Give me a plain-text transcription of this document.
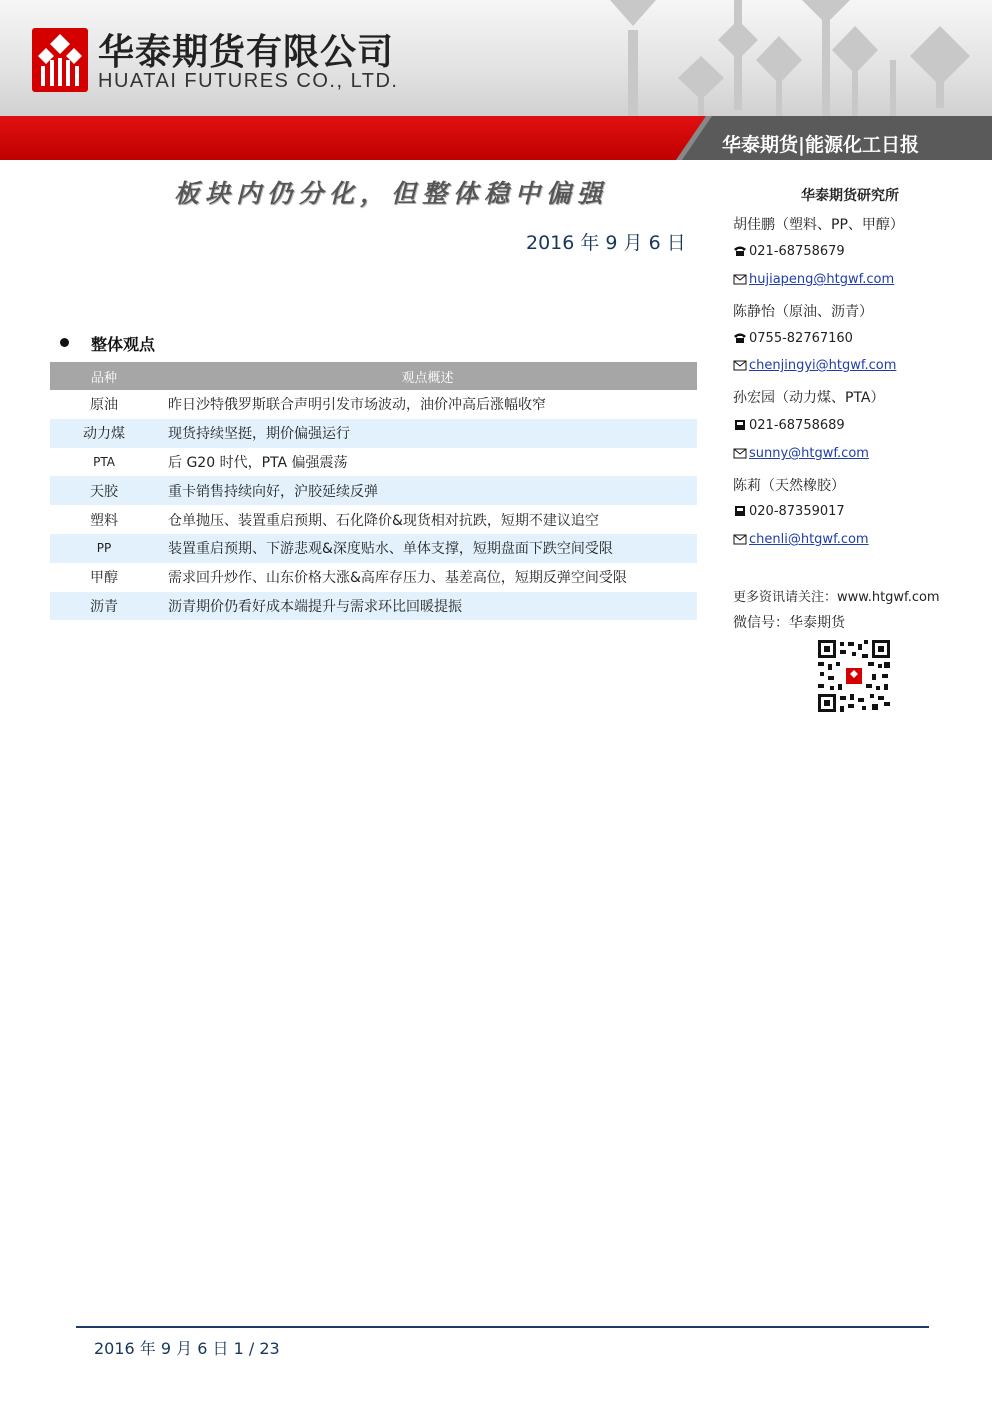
华泰期货有限公司
HUATAI FUTURES CO., LTD.
华泰期货|能源化工日报
板块内仍分化，但整体稳中偏强
2016 年 9 月 6 日
整体观点
品种	观点概述
原油	昨日沙特俄罗斯联合声明引发市场波动，油价冲高后涨幅收窄
动力煤	现货持续坚挺，期价偏强运行
PTA	后 G20 时代，PTA 偏强震荡
天胶	重卡销售持续向好，沪胶延续反弹
塑料	仓单抛压、装置重启预期、石化降价&现货相对抗跌，短期不建议追空
PP	装置重启预期、下游悲观&深度贴水、单体支撑，短期盘面下跌空间受限
甲醇	需求回升炒作、山东价格大涨&高库存压力、基差高位，短期反弹空间受限
沥青	沥青期价仍看好成本端提升与需求环比回暖提振
华泰期货研究所
胡佳鹏（塑料、PP、甲醇）
021-68758679
hujiapeng@htgwf.com
陈静怡（原油、沥青）
0755-82767160
chenjingyi@htgwf.com
孙宏园（动力煤、PTA）
021-68758689
sunny@htgwf.com
陈莉（天然橡胶）
020-87359017
chenli@htgwf.com
更多资讯请关注：www.htgwf.com
微信号：华泰期货
2016 年 9 月 6 日 1 / 23
